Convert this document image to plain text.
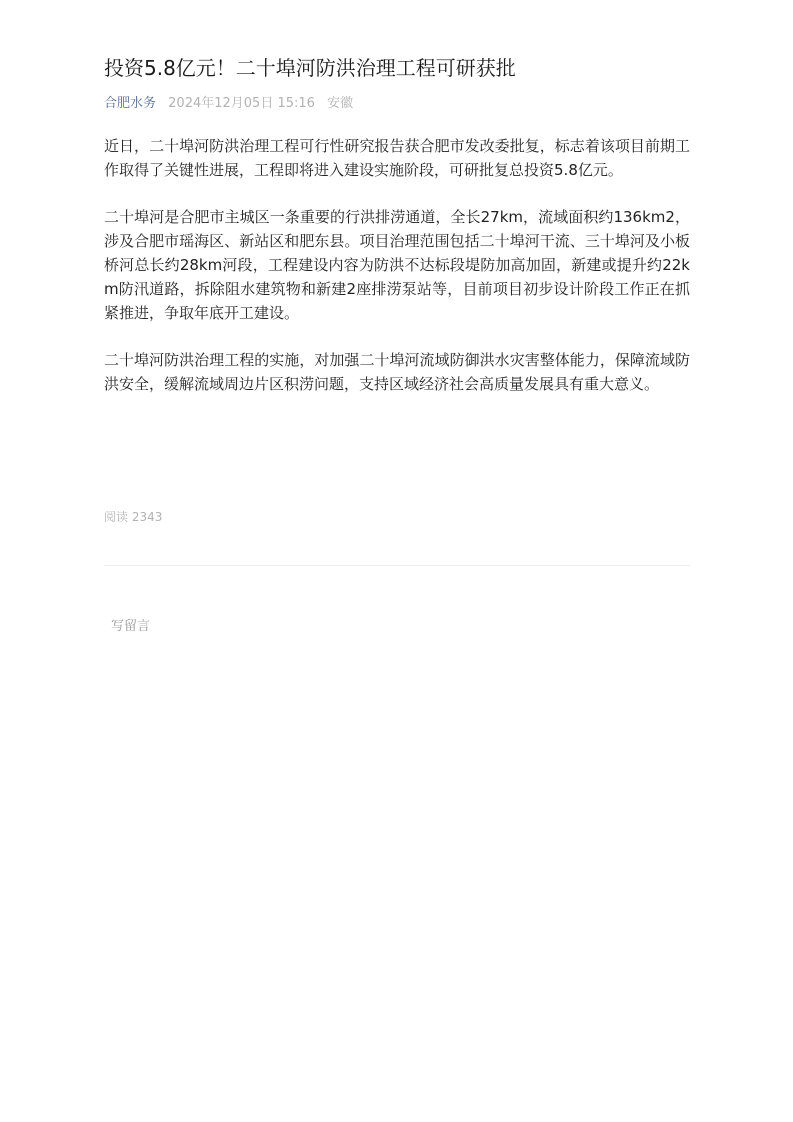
投资5.8亿元！二十埠河防洪治理工程可研获批
合肥水务 2024年12月05日 15:16 安徽

近日，二十埠河防洪治理工程可行性研究报告获合肥市发改委批复，标志着该项目前期工作取得了关键性进展，工程即将进入建设实施阶段，可研批复总投资5.8亿元。

二十埠河是合肥市主城区一条重要的行洪排涝通道，全长27km，流域面积约136km2，涉及合肥市瑶海区、新站区和肥东县。项目治理范围包括二十埠河干流、三十埠河及小板桥河总长约28km河段，工程建设内容为防洪不达标段堤防加高加固，新建或提升约22km防汛道路，拆除阻水建筑物和新建2座排涝泵站等，目前项目初步设计阶段工作正在抓紧推进，争取年底开工建设。

二十埠河防洪治理工程的实施，对加强二十埠河流域防御洪水灾害整体能力，保障流域防洪安全，缓解流域周边片区积涝问题，支持区域经济社会高质量发展具有重大意义。

阅读 2343
写留言
